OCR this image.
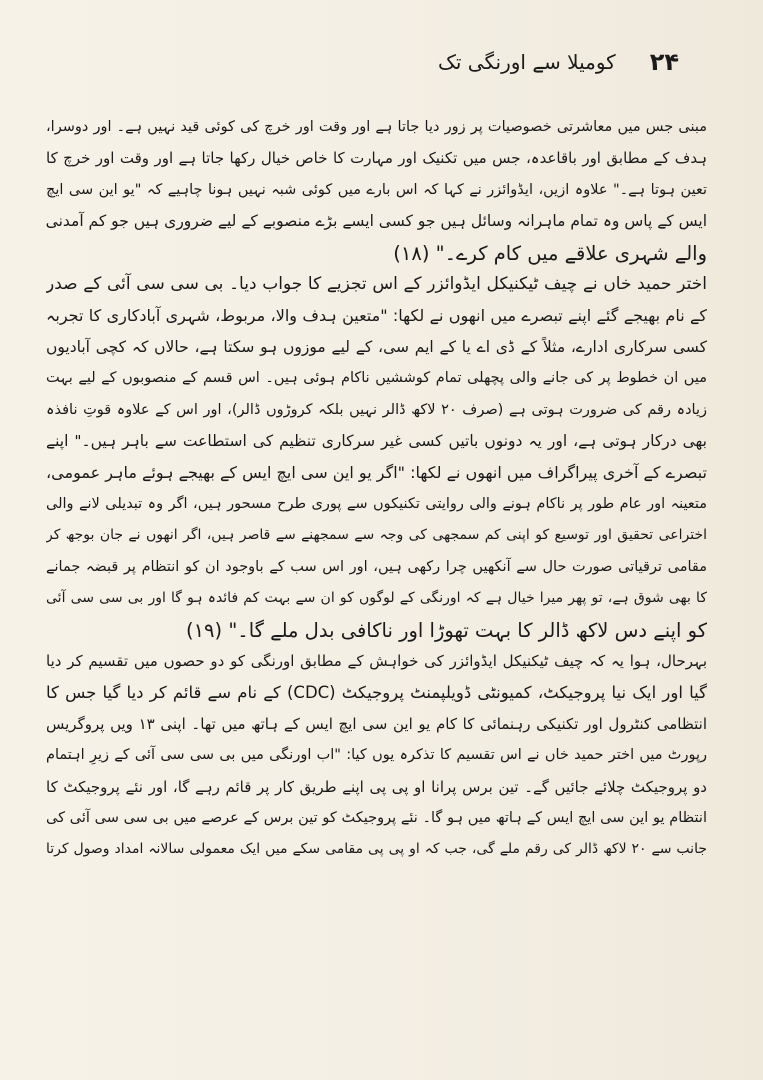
۲۴
کومیلا سے اورنگی تک
مبنی جس میں معاشرتی خصوصیات پر زور دیا جاتا ہے اور وقت اور خرچ کی کوئی قید نہیں ہے۔ اور دوسرا،
ہدف کے مطابق اور باقاعدہ، جس میں تکنیک اور مہارت کا خاص خیال رکھا جاتا ہے اور وقت اور خرچ کا
تعین ہوتا ہے۔" علاوہ ازیں، ایڈوائزر نے کہا کہ اس بارے میں کوئی شبہ نہیں ہونا چاہیے کہ "یو این سی ایچ
ایس کے پاس وہ تمام ماہرانہ وسائل ہیں جو کسی ایسے بڑے منصوبے کے لیے ضروری ہیں جو کم آمدنی
والے شہری علاقے میں کام کرے۔" (۱۸)
اختر حمید خاں نے چیف ٹیکنیکل ایڈوائزر کے اس تجزیے کا جواب دیا۔ بی سی سی آئی کے صدر
کے نام بھیجے گئے اپنے تبصرے میں انھوں نے لکھا: "متعین ہدف والا، مربوط، شہری آبادکاری کا تجربہ
کسی سرکاری ادارے، مثلاً کے ڈی اے یا کے ایم سی، کے لیے موزوں ہو سکتا ہے، حالاں کہ کچی آبادیوں
میں ان خطوط پر کی جانے والی پچھلی تمام کوششیں ناکام ہوئی ہیں۔ اس قسم کے منصوبوں کے لیے بہت
زیادہ رقم کی ضرورت ہوتی ہے (صرف ۲۰ لاکھ ڈالر نہیں بلکہ کروڑوں ڈالر)، اور اس کے علاوہ قوتِ نافذہ
بھی درکار ہوتی ہے، اور یہ دونوں باتیں کسی غیر سرکاری تنظیم کی استطاعت سے باہر ہیں۔" اپنے
تبصرے کے آخری پیراگراف میں انھوں نے لکھا: "اگر یو این سی ایچ ایس کے بھیجے ہوئے ماہر عمومی،
متعینہ اور عام طور پر ناکام ہونے والی روایتی تکنیکوں سے پوری طرح مسحور ہیں، اگر وہ تبدیلی لانے والی
اختراعی تحقیق اور توسیع کو اپنی کم سمجھی کی وجہ سے سمجھنے سے قاصر ہیں، اگر انھوں نے جان بوجھ کر
مقامی ترقیاتی صورت حال سے آنکھیں چرا رکھی ہیں، اور اس سب کے باوجود ان کو انتظام پر قبضہ جمانے
کا بھی شوق ہے، تو پھر میرا خیال ہے کہ اورنگی کے لوگوں کو ان سے بہت کم فائدہ ہو گا اور بی سی سی آئی
کو اپنے دس لاکھ ڈالر کا بہت تھوڑا اور ناکافی بدل ملے گا۔" (۱۹)
بہرحال، ہوا یہ کہ چیف ٹیکنیکل ایڈوائزر کی خواہش کے مطابق اورنگی کو دو حصوں میں تقسیم کر دیا
گیا اور ایک نیا پروجیکٹ، کمیونٹی ڈویلپمنٹ پروجیکٹ (CDC) کے نام سے قائم کر دیا گیا جس کا
انتظامی کنٹرول اور تکنیکی رہنمائی کا کام یو این سی ایچ ایس کے ہاتھ میں تھا۔ اپنی ۱۳ ویں پروگریس
رپورٹ میں اختر حمید خاں نے اس تقسیم کا تذکرہ یوں کیا: "اب اورنگی میں بی سی سی آئی کے زیرِ اہتمام
دو پروجیکٹ چلائے جائیں گے۔ تین برس پرانا او پی پی اپنے طریق کار پر قائم رہے گا، اور نئے پروجیکٹ کا
انتظام یو این سی ایچ ایس کے ہاتھ میں ہو گا۔ نئے پروجیکٹ کو تین برس کے عرصے میں بی سی سی آئی کی
جانب سے ۲۰ لاکھ ڈالر کی رقم ملے گی، جب کہ او پی پی مقامی سکے میں ایک معمولی سالانہ امداد وصول کرتا
